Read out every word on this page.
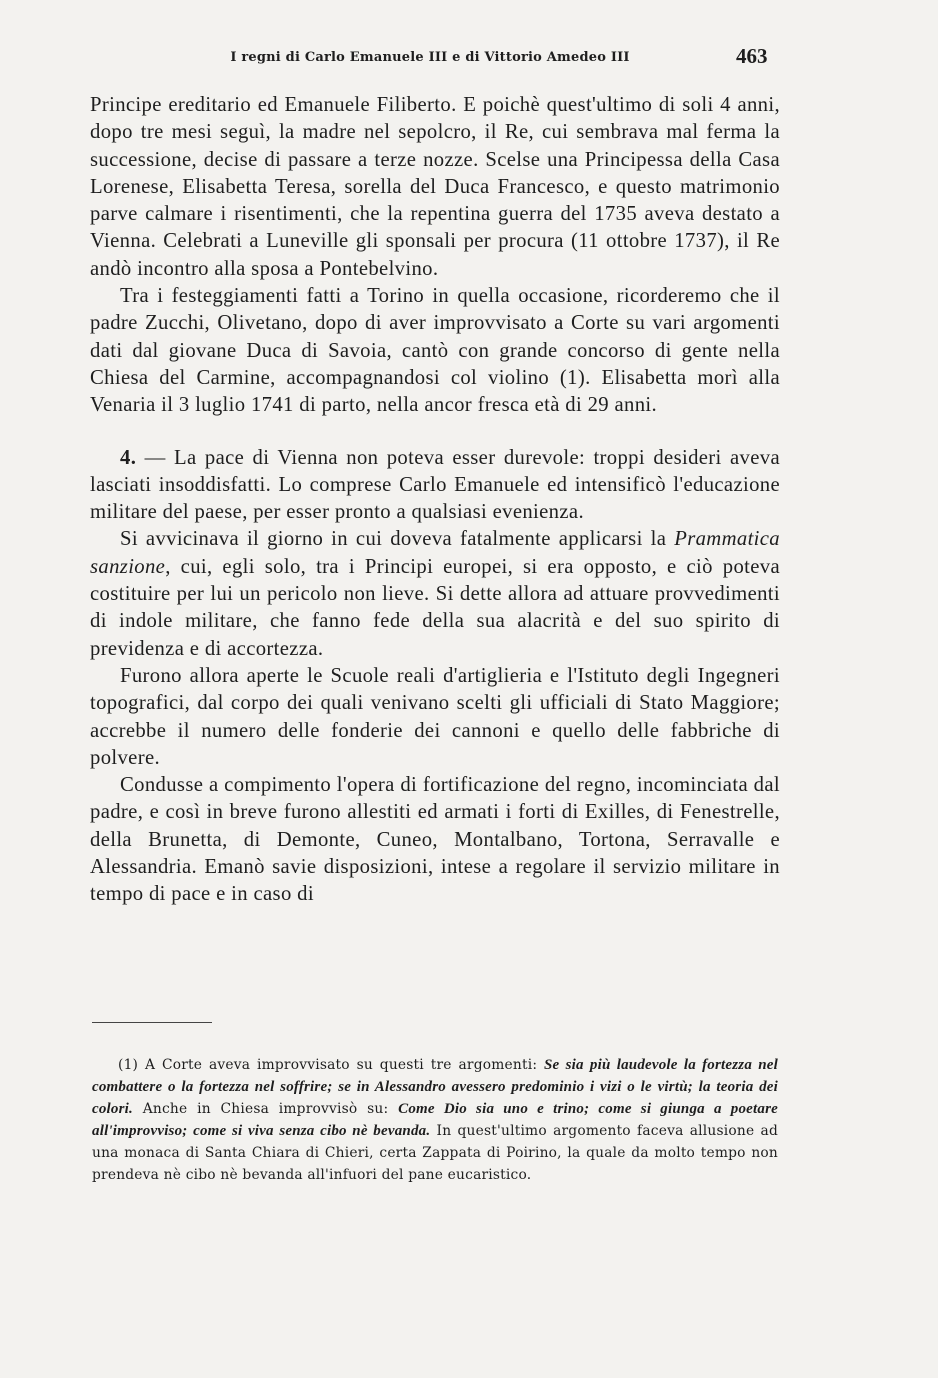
I regni di Carlo Emanuele III e di Vittorio Amedeo III	463

Principe ereditario ed Emanuele Filiberto. E poichè quest'ultimo di soli 4 anni, dopo tre mesi seguì, la madre nel sepolcro, il Re, cui sembrava mal ferma la successione, decise di passare a terze nozze. Scelse una Principessa della Casa Lorenese, Elisabetta Teresa, sorella del Duca Francesco, e questo matrimonio parve calmare i risentimenti, che la repentina guerra del 1735 aveva destato a Vienna. Celebrati a Luneville gli sponsali per procura (11 ottobre 1737), il Re andò incontro alla sposa a Pontebelvino.

Tra i festeggiamenti fatti a Torino in quella occasione, ricorderemo che il padre Zucchi, Olivetano, dopo di aver improvvisato a Corte su vari argomenti dati dal giovane Duca di Savoia, cantò con grande concorso di gente nella Chiesa del Carmine, accompagnandosi col violino (1). Elisabetta morì alla Venaria il 3 luglio 1741 di parto, nella ancor fresca età di 29 anni.

4. — La pace di Vienna non poteva esser durevole: troppi desideri aveva lasciati insoddisfatti. Lo comprese Carlo Emanuele ed intensificò l'educazione militare del paese, per esser pronto a qualsiasi evenienza.

Si avvicinava il giorno in cui doveva fatalmente applicarsi la Prammatica sanzione, cui, egli solo, tra i Principi europei, si era opposto, e ciò poteva costituire per lui un pericolo non lieve. Si dette allora ad attuare provvedimenti di indole militare, che fanno fede della sua alacrità e del suo spirito di previdenza e di accortezza.

Furono allora aperte le Scuole reali d'artiglieria e l'Istituto degli Ingegneri topografici, dal corpo dei quali venivano scelti gli ufficiali di Stato Maggiore; accrebbe il numero delle fonderie dei cannoni e quello delle fabbriche di polvere.

Condusse a compimento l'opera di fortificazione del regno, incominciata dal padre, e così in breve furono allestiti ed armati i forti di Exilles, di Fenestrelle, della Brunetta, di Demonte, Cuneo, Montalbano, Tortona, Serravalle e Alessandria. Emanò savie disposizioni, intese a regolare il servizio militare in tempo di pace e in caso di

(1) A Corte aveva improvvisato su questi tre argomenti: Se sia più laudevole la fortezza nel combattere o la fortezza nel soffrire; se in Alessandro avessero predominio i vizi o le virtù; la teoria dei colori. Anche in Chiesa improvvisò su: Come Dio sia uno e trino; come si giunga a poetare all'improvviso; come si viva senza cibo nè bevanda. In quest'ultimo argomento faceva allusione ad una monaca di Santa Chiara di Chieri, certa Zappata di Poirino, la quale da molto tempo non prendeva nè cibo nè bevanda all'infuori del pane eucaristico.
